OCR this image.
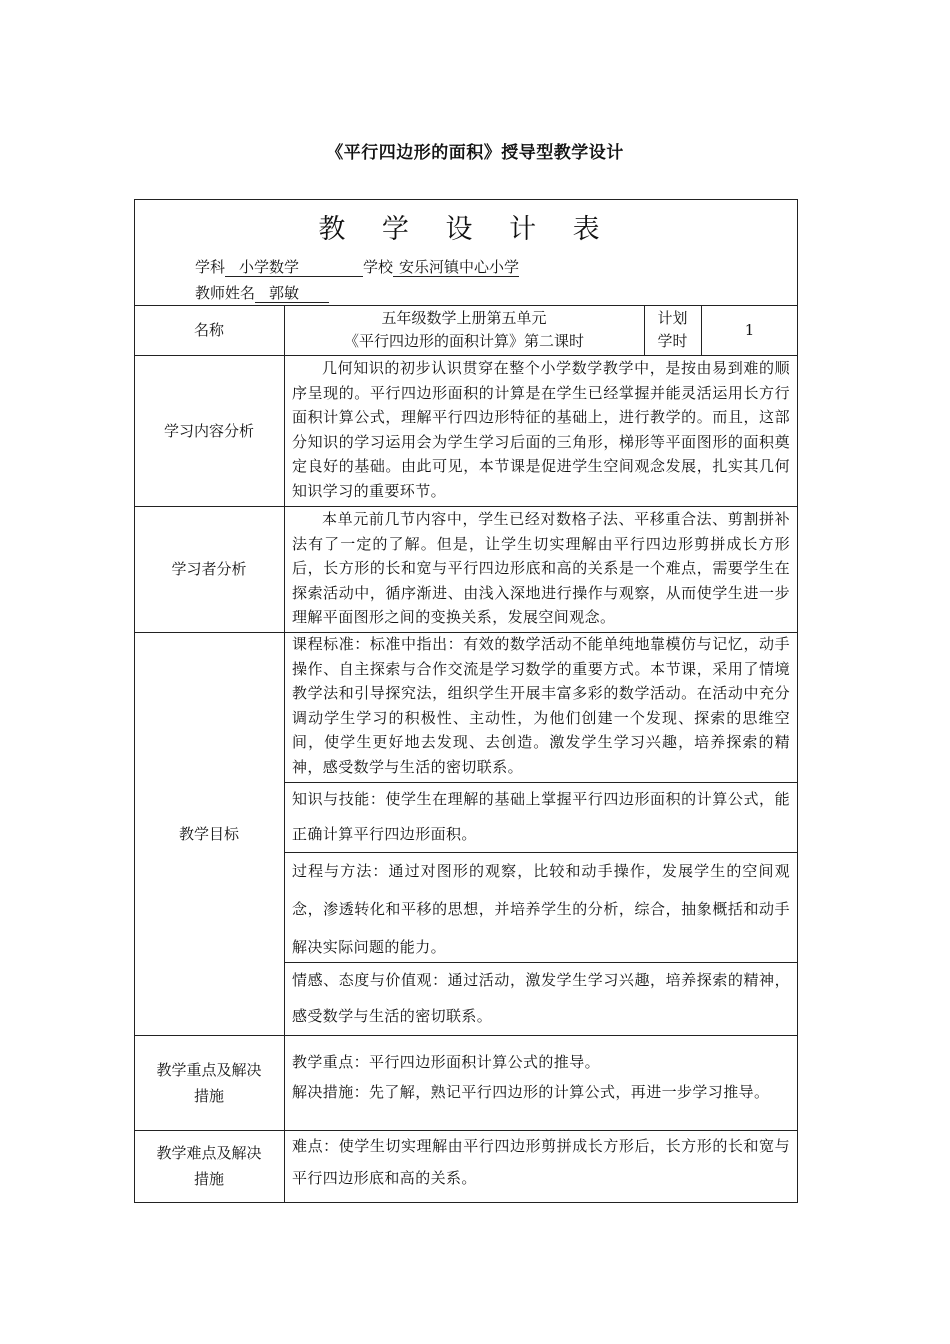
《平行四边形的面积》授导型教学设计
教 学 设 计 表
学科 小学数学	学校 安乐河镇中心小学
教师姓名 郭敏
名称
五年级数学上册第五单元
《平行四边形的面积计算》第二课时
计划
学时
1
学习内容分析
几何知识的初步认识贯穿在整个小学数学教学中，是按由易到难的顺序呈现的。平行四边形面积的计算是在学生已经掌握并能灵活运用长方行面积计算公式，理解平行四边形特征的基础上，进行教学的。而且，这部分知识的学习运用会为学生学习后面的三角形，梯形等平面图形的面积奠定良好的基础。由此可见，本节课是促进学生空间观念发展，扎实其几何知识学习的重要环节。
学习者分析
本单元前几节内容中，学生已经对数格子法、平移重合法、剪割拼补法有了一定的了解。但是，让学生切实理解由平行四边形剪拼成长方形后，长方形的长和宽与平行四边形底和高的关系是一个难点，需要学生在探索活动中，循序渐进、由浅入深地进行操作与观察，从而使学生进一步理解平面图形之间的变换关系，发展空间观念。
教学目标
课程标准：标准中指出：有效的数学活动不能单纯地靠模仿与记忆，动手操作、自主探索与合作交流是学习数学的重要方式。本节课，采用了情境教学法和引导探究法，组织学生开展丰富多彩的数学活动。在活动中充分调动学生学习的积极性、主动性，为他们创建一个发现、探索的思维空间，使学生更好地去发现、去创造。激发学生学习兴趣，培养探索的精神，感受数学与生活的密切联系。
知识与技能：使学生在理解的基础上掌握平行四边形面积的计算公式，能正确计算平行四边形面积。
过程与方法：通过对图形的观察，比较和动手操作，发展学生的空间观念，渗透转化和平移的思想，并培养学生的分析，综合，抽象概括和动手解决实际问题的能力。
情感、态度与价值观：通过活动，激发学生学习兴趣，培养探索的精神，感受数学与生活的密切联系。
教学重点及解决
措施
教学重点：平行四边形面积计算公式的推导。
解决措施：先了解，熟记平行四边形的计算公式，再进一步学习推导。
教学难点及解决
措施
难点：使学生切实理解由平行四边形剪拼成长方形后，长方形的长和宽与平行四边形底和高的关系。
